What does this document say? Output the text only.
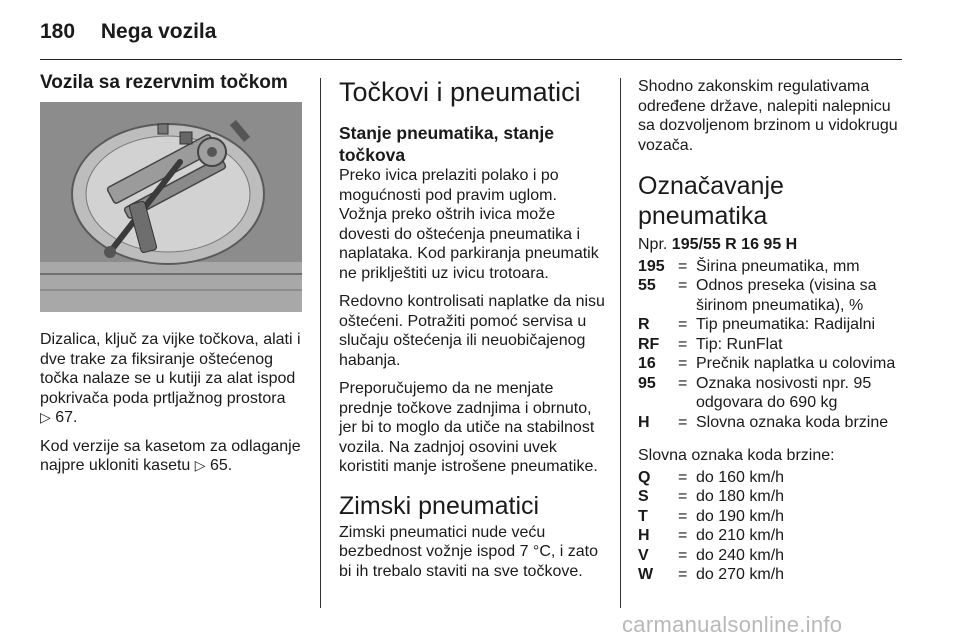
180 Nega vozila
Vozila sa rezervnim točkom

Dizalica, ključ za vijke točkova, alati i dve trake za fiksiranje oštećenog točka nalaze se u kutiji za alat ispod pokrivača poda prtljažnog prostora
▷ 67.

Kod verzije sa kasetom za odlaganje najpre ukloniti kasetu ▷ 65.

Točkovi i pneumatici
Stanje pneumatika, stanje točkova

Preko ivica prelaziti polako i po mogućnosti pod pravim uglom. Vožnja preko oštrih ivica može dovesti do oštećenja pneumatika i naplataka. Kod parkiranja pneumatik ne priklještiti uz ivicu trotoara.

Redovno kontrolisati naplatke da nisu oštećeni. Potražiti pomoć servisa u slučaju oštećenja ili neuobičajenog habanja.

Preporučujemo da ne menjate prednje točkove zadnjima i obrnuto, jer bi to moglo da utiče na stabilnost vozila. Na zadnjoj osovini uvek koristiti manje istrošene pneumatike.

Zimski pneumatici

Zimski pneumatici nude veću bezbednost vožnje ispod 7 °C, i zato bi ih trebalo staviti na sve točkove.

Shodno zakonskim regulativama određene države, nalepiti nalepnicu sa dozvoljenom brzinom u vidokrugu vozača.

Označavanje pneumatika

Npr. 195/55 R 16 95 H

195	=	Širina pneumatika, mm
55	=	Odnos preseka (visina sa širinom pneumatika), %
R	=	Tip pneumatika: Radijalni
RF	=	Tip: RunFlat
16	=	Prečnik naplatka u colovima
95	=	Oznaka nosivosti npr. 95 odgovara do 690 kg
H	=	Slovna oznaka koda brzine

Slovna oznaka koda brzine:

Q	=	do 160 km/h
S	=	do 180 km/h
T	=	do 190 km/h
H	=	do 210 km/h
V	=	do 240 km/h
W	=	do 270 km/h
carmanualsonline.info
